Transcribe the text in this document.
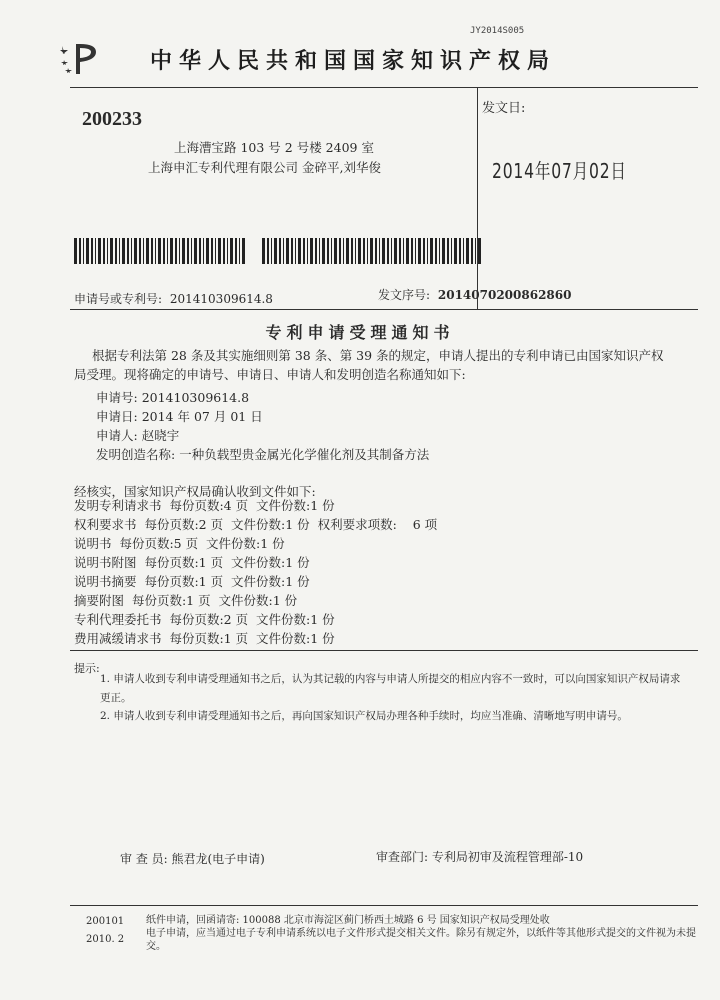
JY2014S005
中华人民共和国国家知识产权局
200233
上海漕宝路 103 号 2 号楼 2409 室
上海申汇专利代理有限公司 金碎平,刘华俊
发文日:
2014年07月02日
申请号或专利号: 201410309614.8	发文序号: 2014070200862860
专利申请受理通知书
根据专利法第 28 条及其实施细则第 38 条、第 39 条的规定，申请人提出的专利申请已由国家知识产权局受理。现将确定的申请号、申请日、申请人和发明创造名称通知如下:
申请号: 201410309614.8
申请日: 2014 年 07 月 01 日
申请人: 赵晓宇
发明创造名称: 一种负载型贵金属光化学催化剂及其制备方法
经核实，国家知识产权局确认收到文件如下:
发明专利请求书  每份页数:4 页  文件份数:1 份
权利要求书  每份页数:2 页  文件份数:1 份  权利要求项数:    6 项
说明书  每份页数:5 页  文件份数:1 份
说明书附图  每份页数:1 页  文件份数:1 份
说明书摘要  每份页数:1 页  文件份数:1 份
摘要附图  每份页数:1 页  文件份数:1 份
专利代理委托书  每份页数:2 页  文件份数:1 份
费用减缓请求书  每份页数:1 页  文件份数:1 份
提示:
1. 申请人收到专利申请受理通知书之后，认为其记载的内容与申请人所提交的相应内容不一致时，可以向国家知识产权局请求更正。
2. 申请人收到专利申请受理通知书之后，再向国家知识产权局办理各种手续时，均应当准确、清晰地写明申请号。
审 查 员: 熊君龙(电子申请)	审查部门: 专利局初审及流程管理部-10
200101
2010. 2
纸件申请，回函请寄: 100088 北京市海淀区蓟门桥西土城路 6 号 国家知识产权局受理处收
电子申请，应当通过电子专利申请系统以电子文件形式提交相关文件。除另有规定外，以纸件等其他形式提交的文件视为未提交。
